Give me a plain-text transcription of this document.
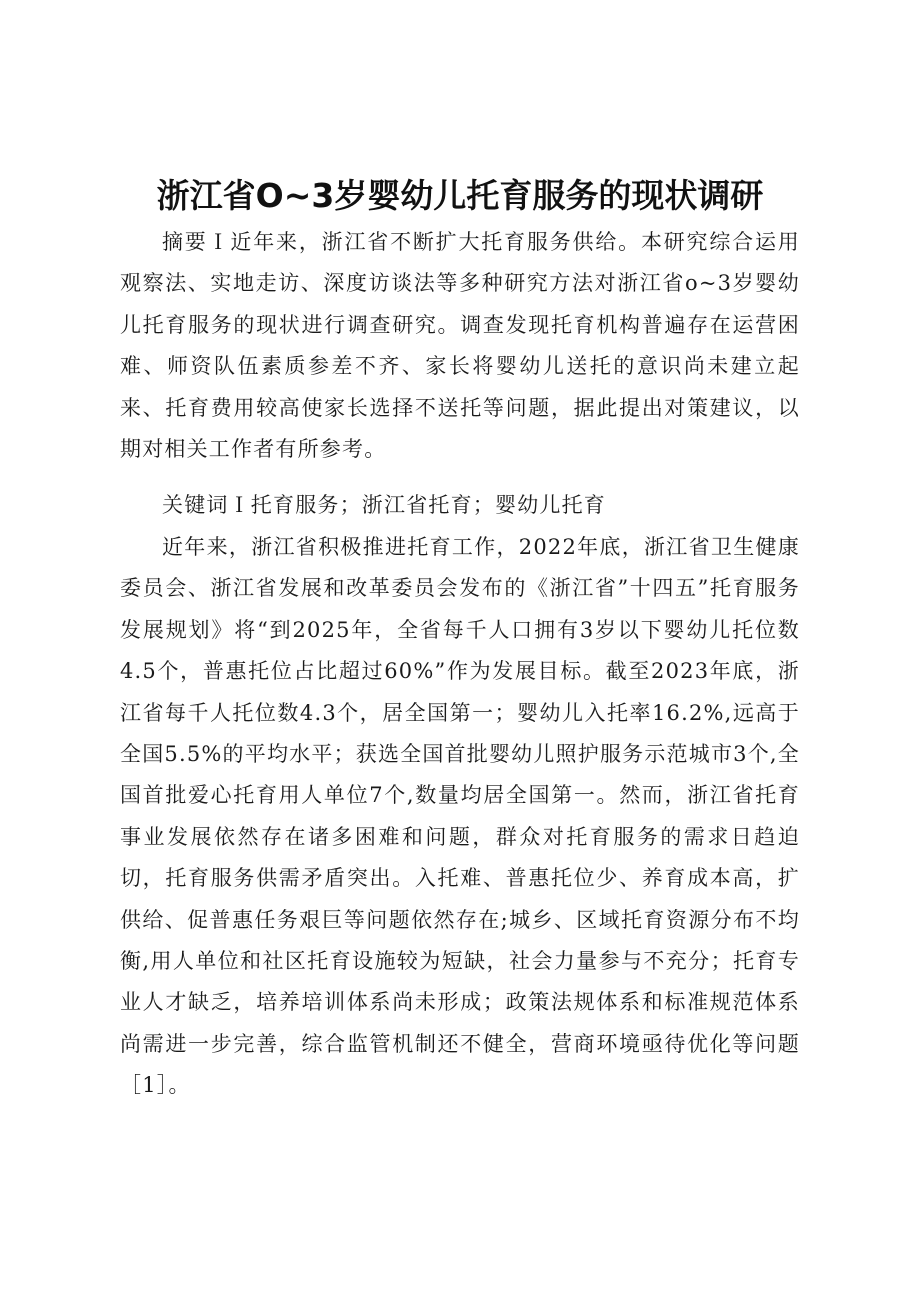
浙江省O~3岁婴幼儿托育服务的现状调研

摘要Ｉ近年来，浙江省不断扩大托育服务供给。本研究综合运用观察法、实地走访、深度访谈法等多种研究方法对浙江省o~3岁婴幼儿托育服务的现状进行调查研究。调查发现托育机构普遍存在运营困难、师资队伍素质参差不齐、家长将婴幼儿送托的意识尚未建立起来、托育费用较高使家长选择不送托等问题，据此提出对策建议，以期对相关工作者有所参考。

关键词Ｉ托育服务；浙江省托育；婴幼儿托育

近年来，浙江省积极推进托育工作，2022年底，浙江省卫生健康委员会、浙江省发展和改革委员会发布的《浙江省”十四五”托育服务发展规划》将“到2025年，全省每千人口拥有3岁以下婴幼儿托位数4.5个，普惠托位占比超过60%”作为发展目标。截至2023年底，浙江省每千人托位数4.3个，居全国第一；婴幼儿入托率16.2%,远高于全国5.5%的平均水平；获选全国首批婴幼儿照护服务示范城市3个,全国首批爱心托育用人单位7个,数量均居全国第一。然而，浙江省托育事业发展依然存在诸多困难和问题，群众对托育服务的需求日趋迫切，托育服务供需矛盾突出。入托难、普惠托位少、养育成本高，扩供给、促普惠任务艰巨等问题依然存在;城乡、区域托育资源分布不均衡,用人单位和社区托育设施较为短缺，社会力量参与不充分；托育专业人才缺乏，培养培训体系尚未形成；政策法规体系和标准规范体系尚需进一步完善，综合监管机制还不健全，营商环境亟待优化等问题［1］。
